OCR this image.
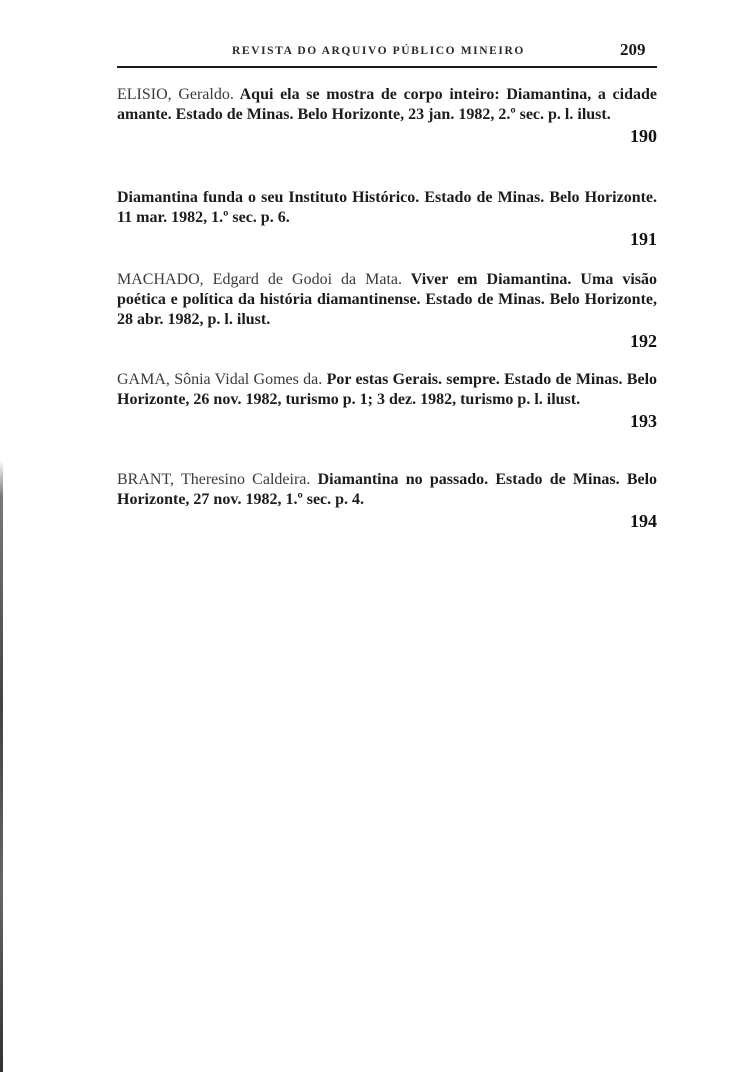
REVISTA DO ARQUIVO PÚBLICO MINEIRO	209
ELISIO, Geraldo. Aqui ela se mostra de corpo inteiro: Diamantina, a cidade amante. Estado de Minas. Belo Horizonte, 23 jan. 1982, 2.º sec. p. l. ilust.
190
Diamantina funda o seu Instituto Histórico. Estado de Minas. Belo Horizonte. 11 mar. 1982, 1.º sec. p. 6.
191
MACHADO, Edgard de Godoi da Mata. Viver em Diamantina. Uma visão poética e política da história diamantinense. Estado de Minas. Belo Horizonte, 28 abr. 1982, p. l. ilust.
192
GAMA, Sônia Vidal Gomes da. Por estas Gerais. sempre. Estado de Minas. Belo Horizonte, 26 nov. 1982, turismo p. 1; 3 dez. 1982, turismo p. l. ilust.
193
BRANT, Theresino Caldeira. Diamantina no passado. Estado de Minas. Belo Horizonte, 27 nov. 1982, 1.º sec. p. 4.
194
